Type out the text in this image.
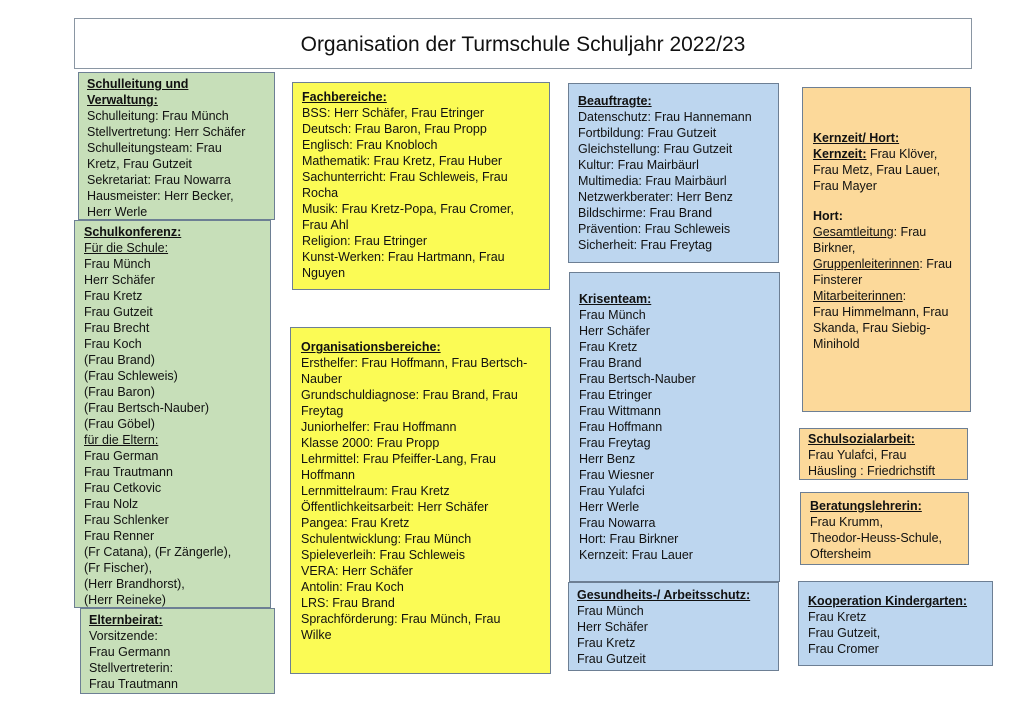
Organisation der Turmschule Schuljahr 2022/23
Schulleitung und
Verwaltung:
Schulleitung: Frau Münch
Stellvertretung: Herr Schäfer
Schulleitungsteam: Frau
Kretz, Frau Gutzeit
Sekretariat: Frau Nowarra
Hausmeister: Herr Becker,
Herr Werle
Schulkonferenz:
Für die Schule:
Frau Münch
Herr Schäfer
Frau Kretz
Frau Gutzeit
Frau Brecht
Frau Koch
(Frau Brand)
(Frau Schleweis)
(Frau Baron)
(Frau Bertsch-Nauber)
(Frau Göbel)
für die Eltern:
Frau German
Frau Trautmann
Frau Cetkovic
Frau Nolz
Frau Schlenker
Frau Renner
(Fr Catana), (Fr Zängerle),
(Fr Fischer),
(Herr Brandhorst),
(Herr Reineke)
Elternbeirat:
Vorsitzende:
Frau Germann
Stellvertreterin:
Frau Trautmann
Fachbereiche:
BSS: Herr Schäfer, Frau Etringer
Deutsch: Frau Baron, Frau Propp
Englisch: Frau Knobloch
Mathematik: Frau Kretz, Frau Huber
Sachunterricht: Frau Schleweis, Frau
Rocha
Musik: Frau Kretz-Popa, Frau Cromer,
Frau Ahl
Religion: Frau Etringer
Kunst-Werken: Frau Hartmann, Frau
Nguyen
Organisationsbereiche:
Ersthelfer: Frau Hoffmann, Frau Bertsch-
Nauber
Grundschuldiagnose: Frau Brand, Frau
Freytag
Juniorhelfer: Frau Hoffmann
Klasse 2000: Frau Propp
Lehrmittel: Frau Pfeiffer-Lang, Frau
Hoffmann
Lernmittelraum: Frau Kretz
Öffentlichkeitsarbeit: Herr Schäfer
Pangea: Frau Kretz
Schulentwicklung: Frau Münch
Spieleverleih: Frau Schleweis
VERA: Herr Schäfer
Antolin: Frau Koch
LRS: Frau Brand
Sprachförderung: Frau Münch, Frau
Wilke
Beauftragte:
Datenschutz: Frau Hannemann
Fortbildung: Frau Gutzeit
Gleichstellung: Frau Gutzeit
Kultur: Frau Mairbäurl
Multimedia: Frau Mairbäurl
Netzwerkberater: Herr Benz
Bildschirme: Frau Brand
Prävention: Frau Schleweis
Sicherheit: Frau Freytag
Krisenteam:
Frau Münch
Herr Schäfer
Frau Kretz
Frau Brand
Frau Bertsch-Nauber
Frau Etringer
Frau Wittmann
Frau Hoffmann
Frau Freytag
Herr Benz
Frau Wiesner
Frau Yulafci
Herr Werle
Frau Nowarra
Hort: Frau Birkner
Kernzeit: Frau Lauer
Gesundheits-/ Arbeitsschutz:
Frau Münch
Herr Schäfer
Frau Kretz
Frau Gutzeit
Kernzeit/ Hort:
Kernzeit: Frau Klöver,
Frau Metz, Frau Lauer,
Frau Mayer
Hort:
Gesamtleitung: Frau
Birkner,
Gruppenleiterinnen: Frau
Finsterer
Mitarbeiterinnen:
Frau Himmelmann, Frau
Skanda, Frau Siebig-
Minihold
Schulsozialarbeit:
Frau Yulafci, Frau
Häusling : Friedrichstift
Beratungslehrerin:
Frau Krumm,
Theodor-Heuss-Schule,
Oftersheim
Kooperation Kindergarten:
Frau Kretz
Frau Gutzeit,
Frau Cromer
